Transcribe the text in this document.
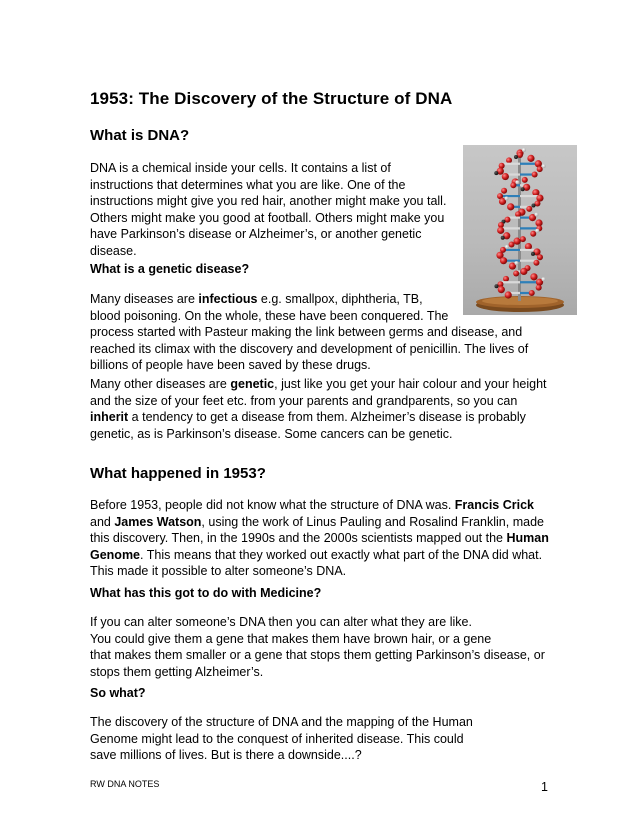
1953: The Discovery of the Structure of DNA
What is DNA?

DNA is a chemical inside your cells. It contains a list of
instructions that determines what you are like. One of the
instructions might give you red hair, another might make you tall.
Others might make you good at football. Others might make you
have Parkinson’s disease or Alzheimer’s, or another genetic
disease.

What is a genetic disease?

Many diseases are infectious e.g. smallpox, diphtheria, TB,
blood poisoning. On the whole, these have been conquered. The
process started with Pasteur making the link between germs and disease, and
reached its climax with the discovery and development of penicillin. The lives of
billions of people have been saved by these drugs.

Many other diseases are genetic, just like you get your hair colour and your height
and the size of your feet etc. from your parents and grandparents, so you can
inherit a tendency to get a disease from them. Alzheimer’s disease is probably
genetic, as is Parkinson’s disease. Some cancers can be genetic.

What happened in 1953?

Before 1953, people did not know what the structure of DNA was. Francis Crick
and James Watson, using the work of Linus Pauling and Rosalind Franklin, made
this discovery. Then, in the 1990s and the 2000s scientists mapped out the Human
Genome. This means that they worked out exactly what part of the DNA did what.
This made it possible to alter someone’s DNA.

What has this got to do with Medicine?

If you can alter someone’s DNA then you can alter what they are like.
You could give them a gene that makes them have brown hair, or a gene
that makes them smaller or a gene that stops them getting Parkinson’s disease, or
stops them getting Alzheimer’s.

So what?

The discovery of the structure of DNA and the mapping of the Human
Genome might lead to the conquest of inherited disease. This could
save millions of lives. But is there a downside....?

RW DNA NOTES	1
